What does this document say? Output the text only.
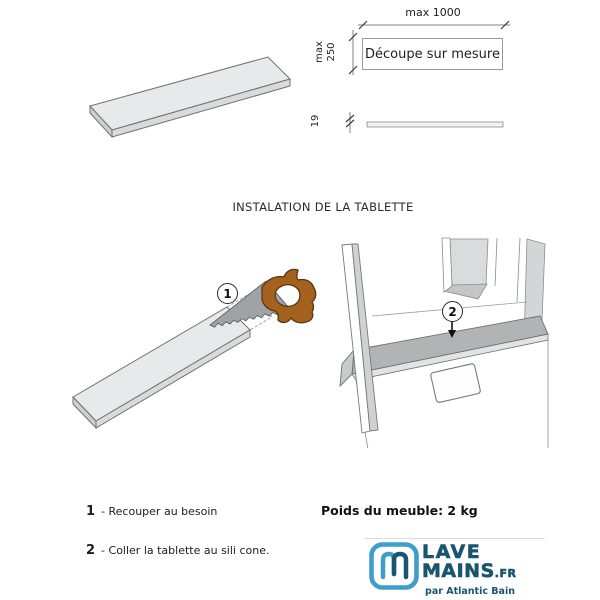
max 1000
Découpe sur mesure
max
250
19
INSTALATION DE LA TABLETTE
1
2
1 - Recouper au besoin
2 - Coller la tablette au sili cone.
Poids du meuble: 2 kg
LAVE
MAINS.FR
par Atlantic Bain
